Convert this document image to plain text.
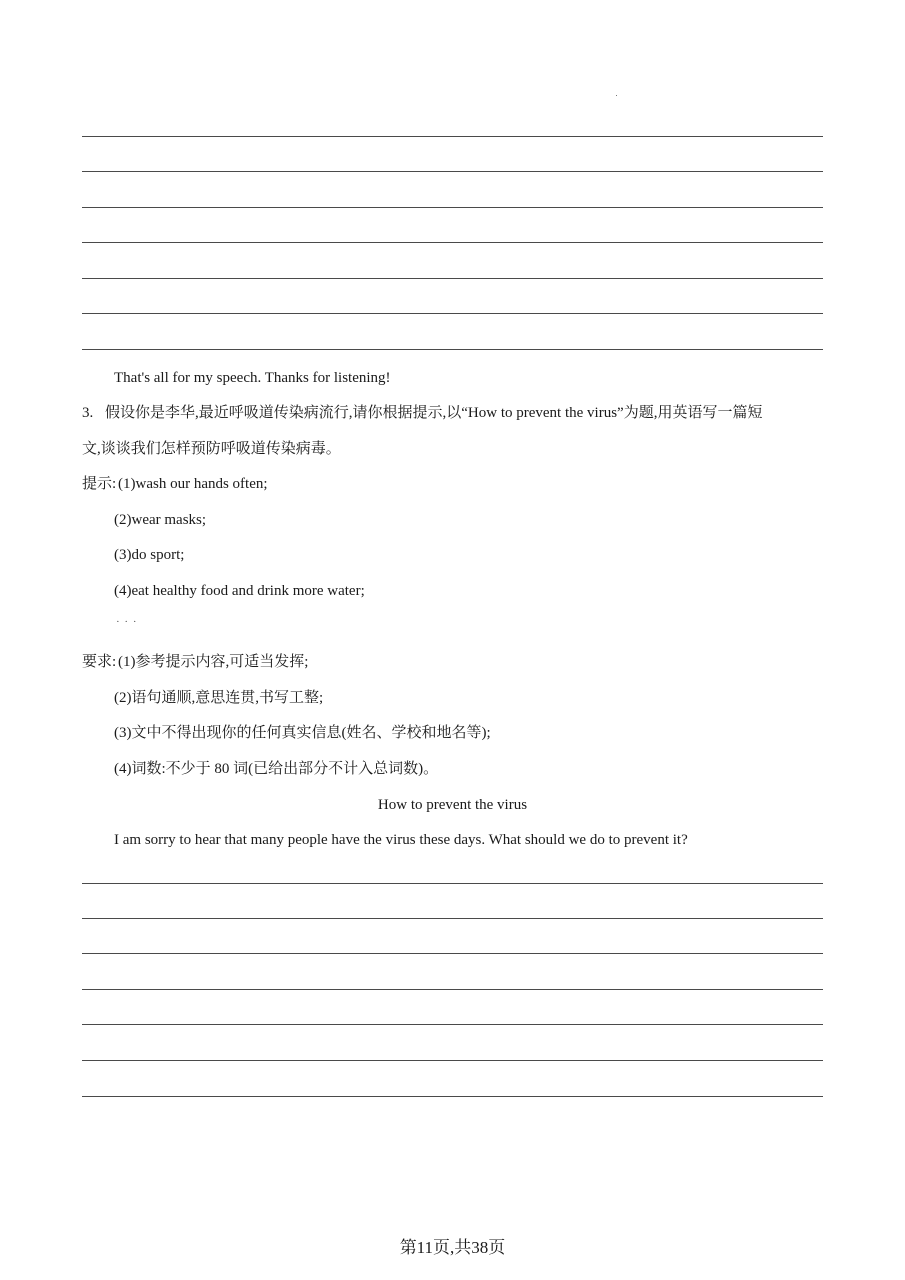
That's all for my speech. Thanks for listening!
3. 假设你是李华,最近呼吸道传染病流行,请你根据提示,以“How to prevent the virus”为题,用英语写一篇短
文,谈谈我们怎样预防呼吸道传染病毒。
提示: (1)wash our hands often;
(2)wear masks;
(3)do sport;
(4)eat healthy food and drink more water;
· · ·
要求: (1)参考提示内容,可适当发挥;
(2)语句通顺,意思连贯,书写工整;
(3)文中不得出现你的任何真实信息(姓名、学校和地名等);
(4)词数:不少于 80 词(已给出部分不计入总词数)。
How to prevent the virus
I am sorry to hear that many people have the virus these days. What should we do to prevent it?
第11页,共38页
